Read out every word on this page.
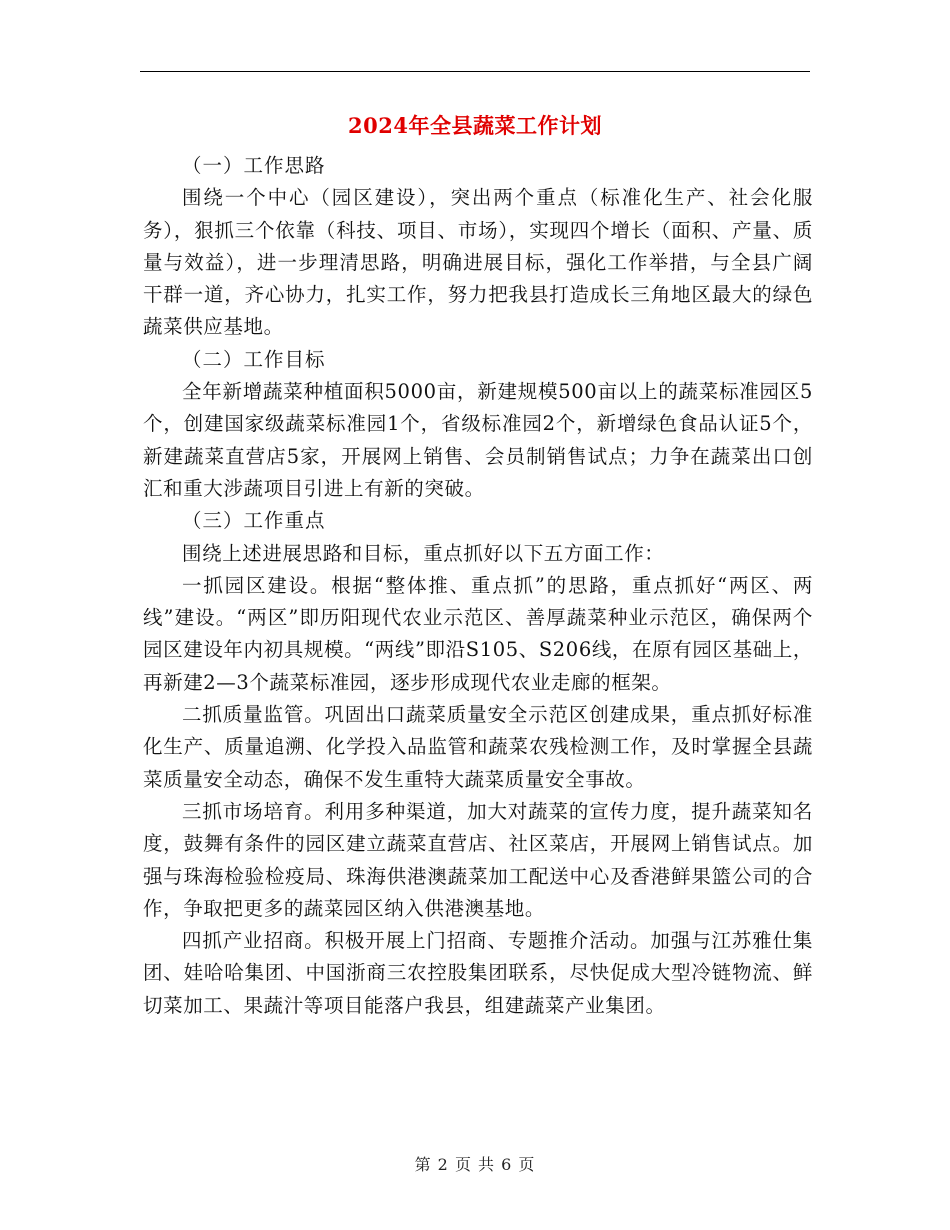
2024年全县蔬菜工作计划

（一）工作思路

围绕一个中心（园区建设），突出两个重点（标准化生产、社会化服务），狠抓三个依靠（科技、项目、市场），实现四个增长（面积、产量、质量与效益），进一步理清思路，明确进展目标，强化工作举措，与全县广阔干群一道，齐心协力，扎实工作，努力把我县打造成长三角地区最大的绿色蔬菜供应基地。

（二）工作目标

全年新增蔬菜种植面积5000亩，新建规模500亩以上的蔬菜标准园区5个，创建国家级蔬菜标准园1个，省级标准园2个，新增绿色食品认证5个，新建蔬菜直营店5家，开展网上销售、会员制销售试点；力争在蔬菜出口创汇和重大涉蔬项目引进上有新的突破。

（三）工作重点

围绕上述进展思路和目标，重点抓好以下五方面工作：

一抓园区建设。根据“整体推、重点抓”的思路，重点抓好“两区、两线”建设。“两区”即历阳现代农业示范区、善厚蔬菜种业示范区，确保两个园区建设年内初具规模。“两线”即沿S105、S206线，在原有园区基础上，再新建2—3个蔬菜标准园，逐步形成现代农业走廊的框架。

二抓质量监管。巩固出口蔬菜质量安全示范区创建成果，重点抓好标准化生产、质量追溯、化学投入品监管和蔬菜农残检测工作，及时掌握全县蔬菜质量安全动态，确保不发生重特大蔬菜质量安全事故。

三抓市场培育。利用多种渠道，加大对蔬菜的宣传力度，提升蔬菜知名度，鼓舞有条件的园区建立蔬菜直营店、社区菜店，开展网上销售试点。加强与珠海检验检疫局、珠海供港澳蔬菜加工配送中心及香港鲜果篮公司的合作，争取把更多的蔬菜园区纳入供港澳基地。

四抓产业招商。积极开展上门招商、专题推介活动。加强与江苏雅仕集团、娃哈哈集团、中国浙商三农控股集团联系，尽快促成大型冷链物流、鲜切菜加工、果蔬汁等项目能落户我县，组建蔬菜产业集团。

第 2 页 共 6 页
